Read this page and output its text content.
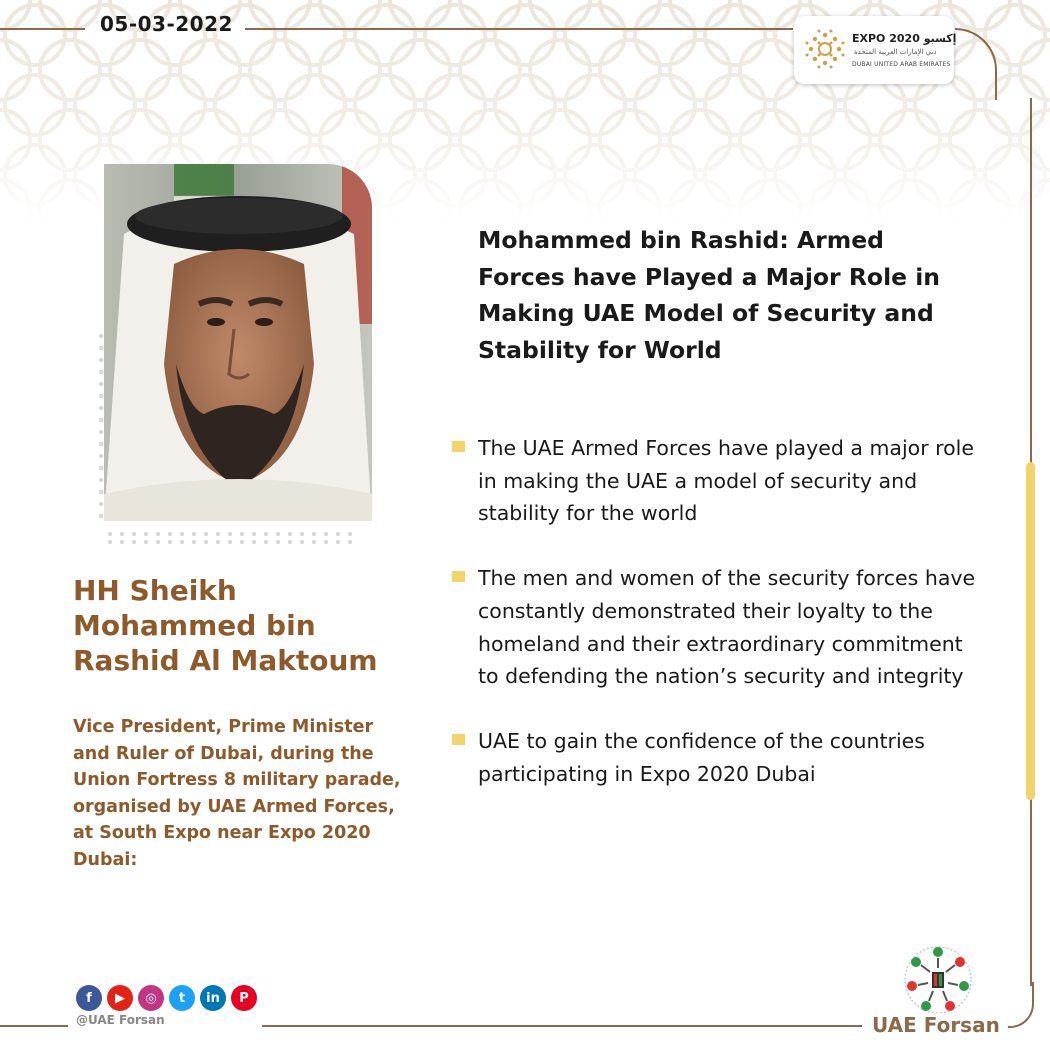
05-03-2022
EXPO 2020 إكسبو
دبي الإمارات العربية المتحدة
DUBAI UNITED ARAB EMIRATES
HH Sheikh Mohammed bin Rashid Al Maktoum
Vice President, Prime Minister and Ruler of Dubai, during the Union Fortress 8 military parade, organised by UAE Armed Forces, at South Expo near Expo 2020 Dubai:
Mohammed bin Rashid: Armed Forces have Played a Major Role in Making UAE Model of Security and Stability for World
The UAE Armed Forces have played a major role in making the UAE a model of security and stability for the world
The men and women of the security forces have constantly demonstrated their loyalty to the homeland and their extraordinary commitment to defending the nation’s security and integrity
UAE to gain the confidence of the countries participating in Expo 2020 Dubai
f	▶	◎	t	in	P
@UAE Forsan	UAE Forsan
